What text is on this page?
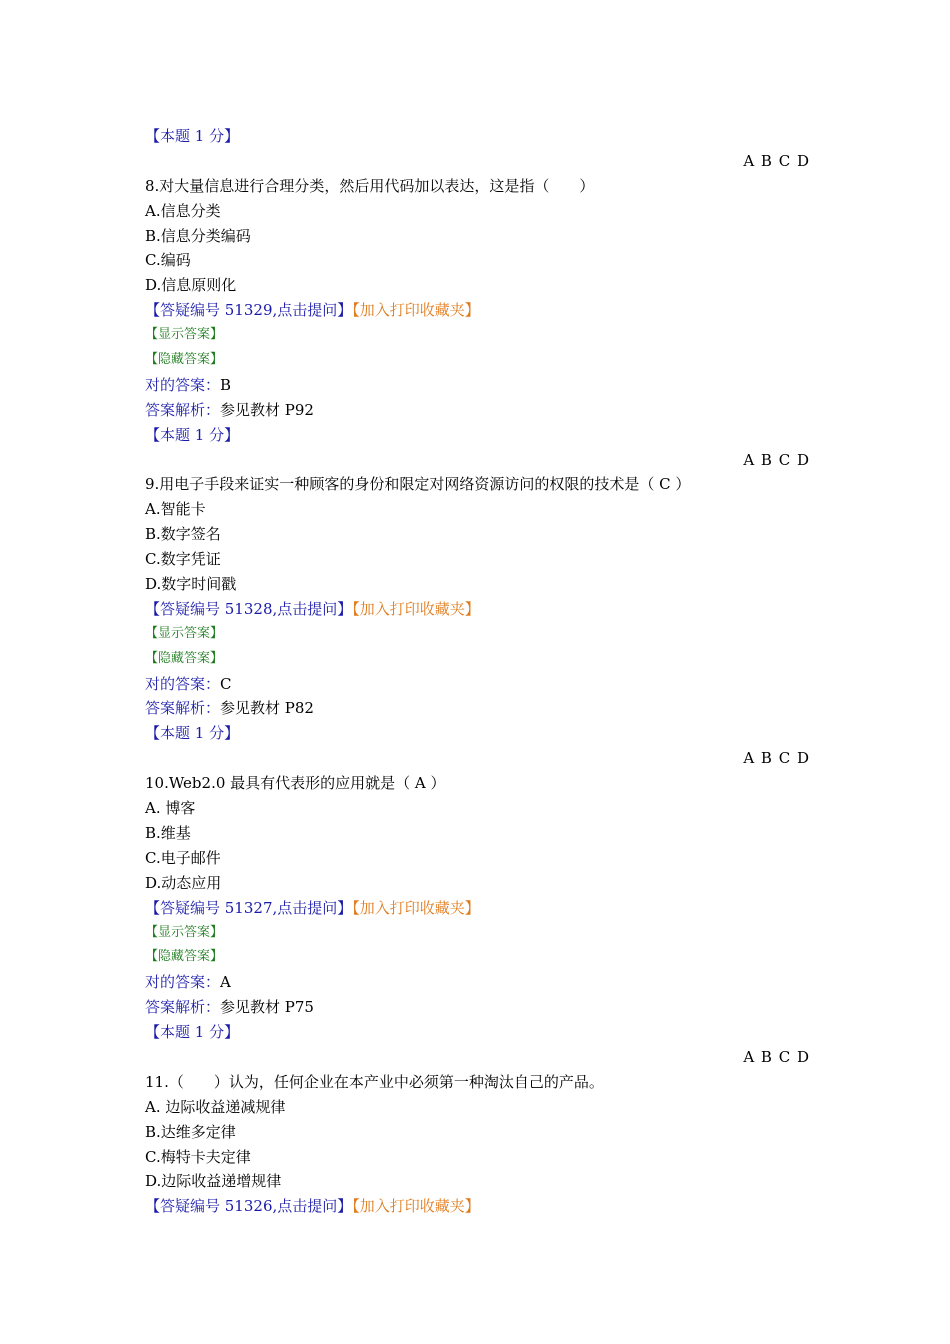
【本题 1 分】
A B C D
8.对大量信息进行合理分类，然后用代码加以表达，这是指（　　）
A.信息分类
B.信息分类编码
C.编码
D.信息原则化
【答疑编号 51329,点击提问】【加入打印收藏夹】
【显示答案】
【隐藏答案】
对的答案：B
答案解析：参见教材 P92
【本题 1 分】
A B C D
9.用电子手段来证实一种顾客的身份和限定对网络资源访问的权限的技术是（ C ）
A.智能卡
B.数字签名
C.数字凭证
D.数字时间戳
【答疑编号 51328,点击提问】【加入打印收藏夹】
【显示答案】
【隐藏答案】
对的答案：C
答案解析：参见教材 P82
【本题 1 分】
A B C D
10.Web2.0 最具有代表形的应用就是（ A ）
A. 博客
B.维基
C.电子邮件
D.动态应用
【答疑编号 51327,点击提问】【加入打印收藏夹】
【显示答案】
【隐藏答案】
对的答案：A
答案解析：参见教材 P75
【本题 1 分】
A B C D
11.（　　）认为，任何企业在本产业中必须第一种淘汰自己的产品。
A. 边际收益递减规律
B.达维多定律
C.梅特卡夫定律
D.边际收益递增规律
【答疑编号 51326,点击提问】【加入打印收藏夹】
